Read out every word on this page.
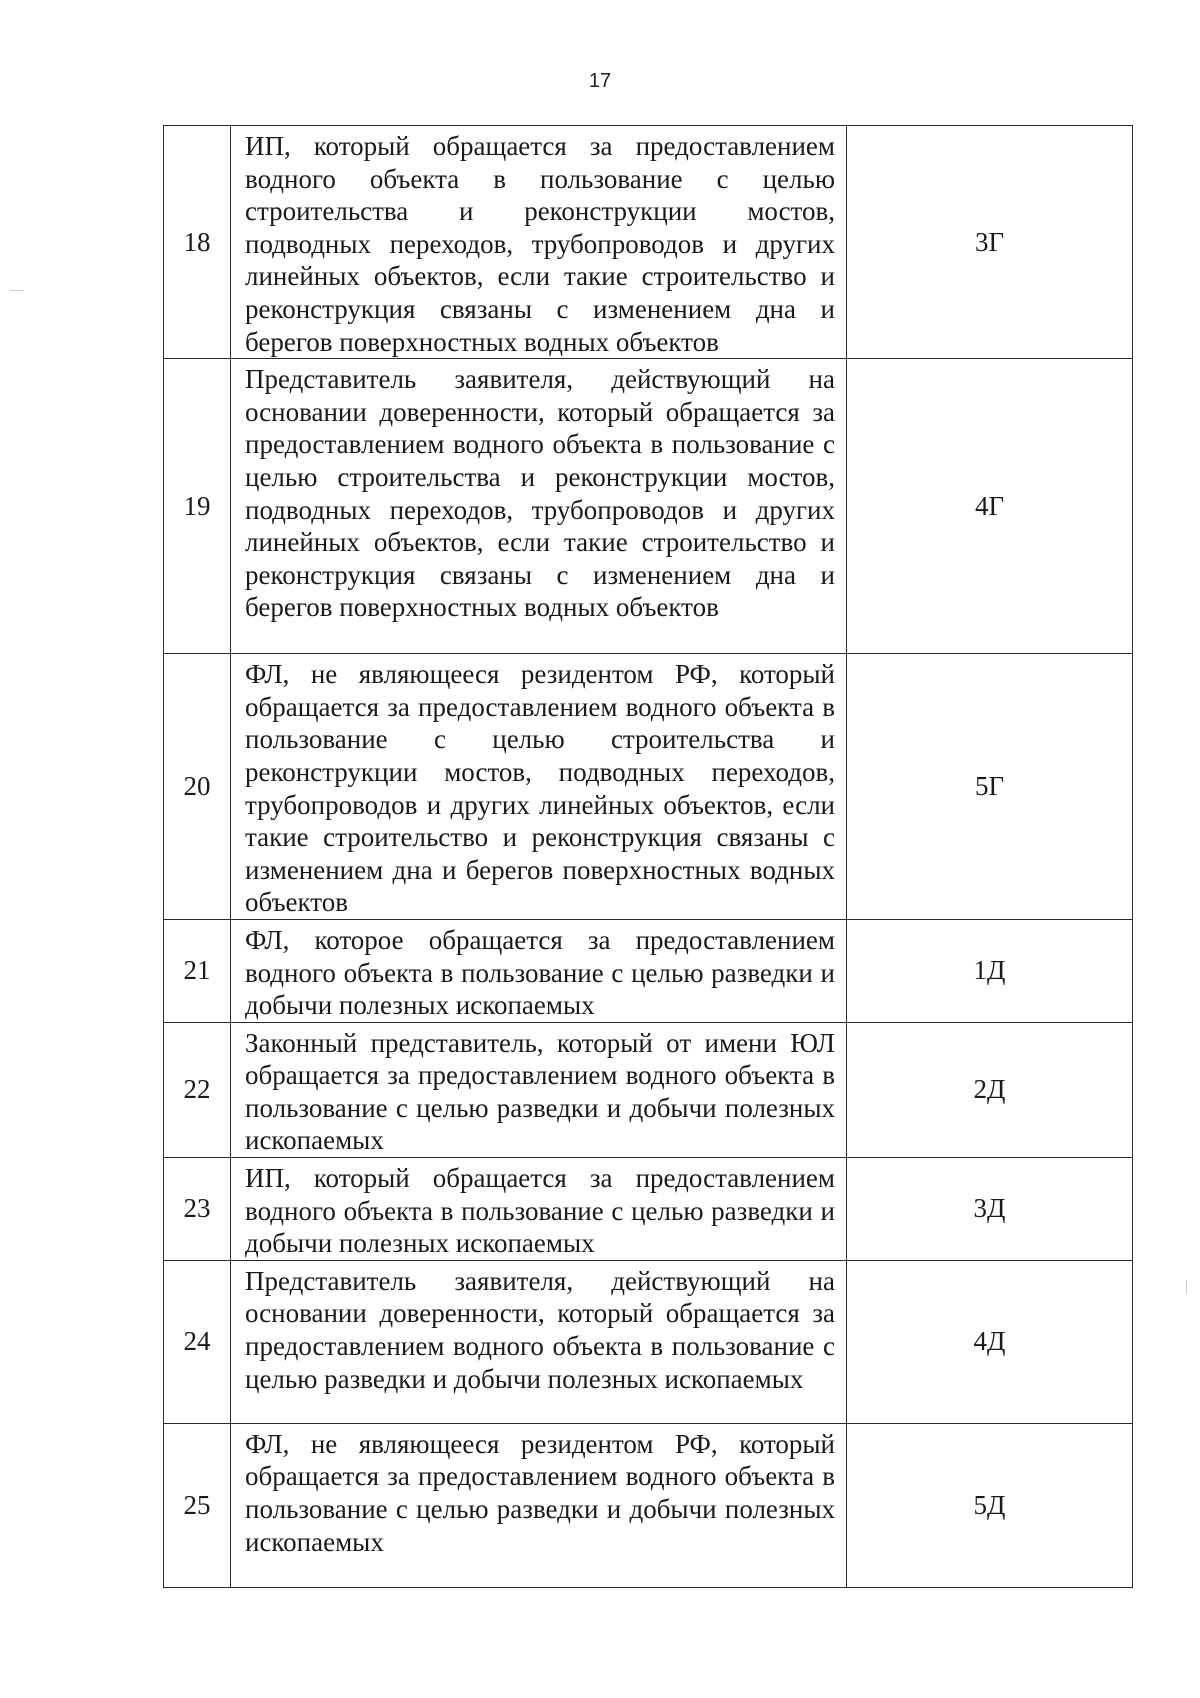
17
18	ИП, который обращается за предоставлением водного объекта в пользование с целью строительства и реконструкции мостов, подводных переходов, трубопроводов и других линейных объектов, если такие строительство и реконструкция связаны с изменением дна и берегов поверхностных водных объектов	3Г
19	Представитель заявителя, действующий на основании доверенности, который обращается за предоставлением водного объекта в пользование с целью строительства и реконструкции мостов, подводных переходов, трубопроводов и других линейных объектов, если такие строительство и реконструкция связаны с изменением дна и берегов поверхностных водных объектов	4Г
20	ФЛ, не являющееся резидентом РФ, который обращается за предоставлением водного объекта в пользование с целью строительства и реконструкции мостов, подводных переходов, трубопроводов и других линейных объектов, если такие строительство и реконструкция связаны с изменением дна и берегов поверхностных водных объектов	5Г
21	ФЛ, которое обращается за предоставлением водного объекта в пользование с целью разведки и добычи полезных ископаемых	1Д
22	Законный представитель, который от имени ЮЛ обращается за предоставлением водного объекта в пользование с целью разведки и добычи полезных ископаемых	2Д
23	ИП, который обращается за предоставлением водного объекта в пользование с целью разведки и добычи полезных ископаемых	3Д
24	Представитель заявителя, действующий на основании доверенности, который обращается за предоставлением водного объекта в пользование с целью разведки и добычи полезных ископаемых	4Д
25	ФЛ, не являющееся резидентом РФ, который обращается за предоставлением водного объекта в пользование с целью разведки и добычи полезных ископаемых	5Д
